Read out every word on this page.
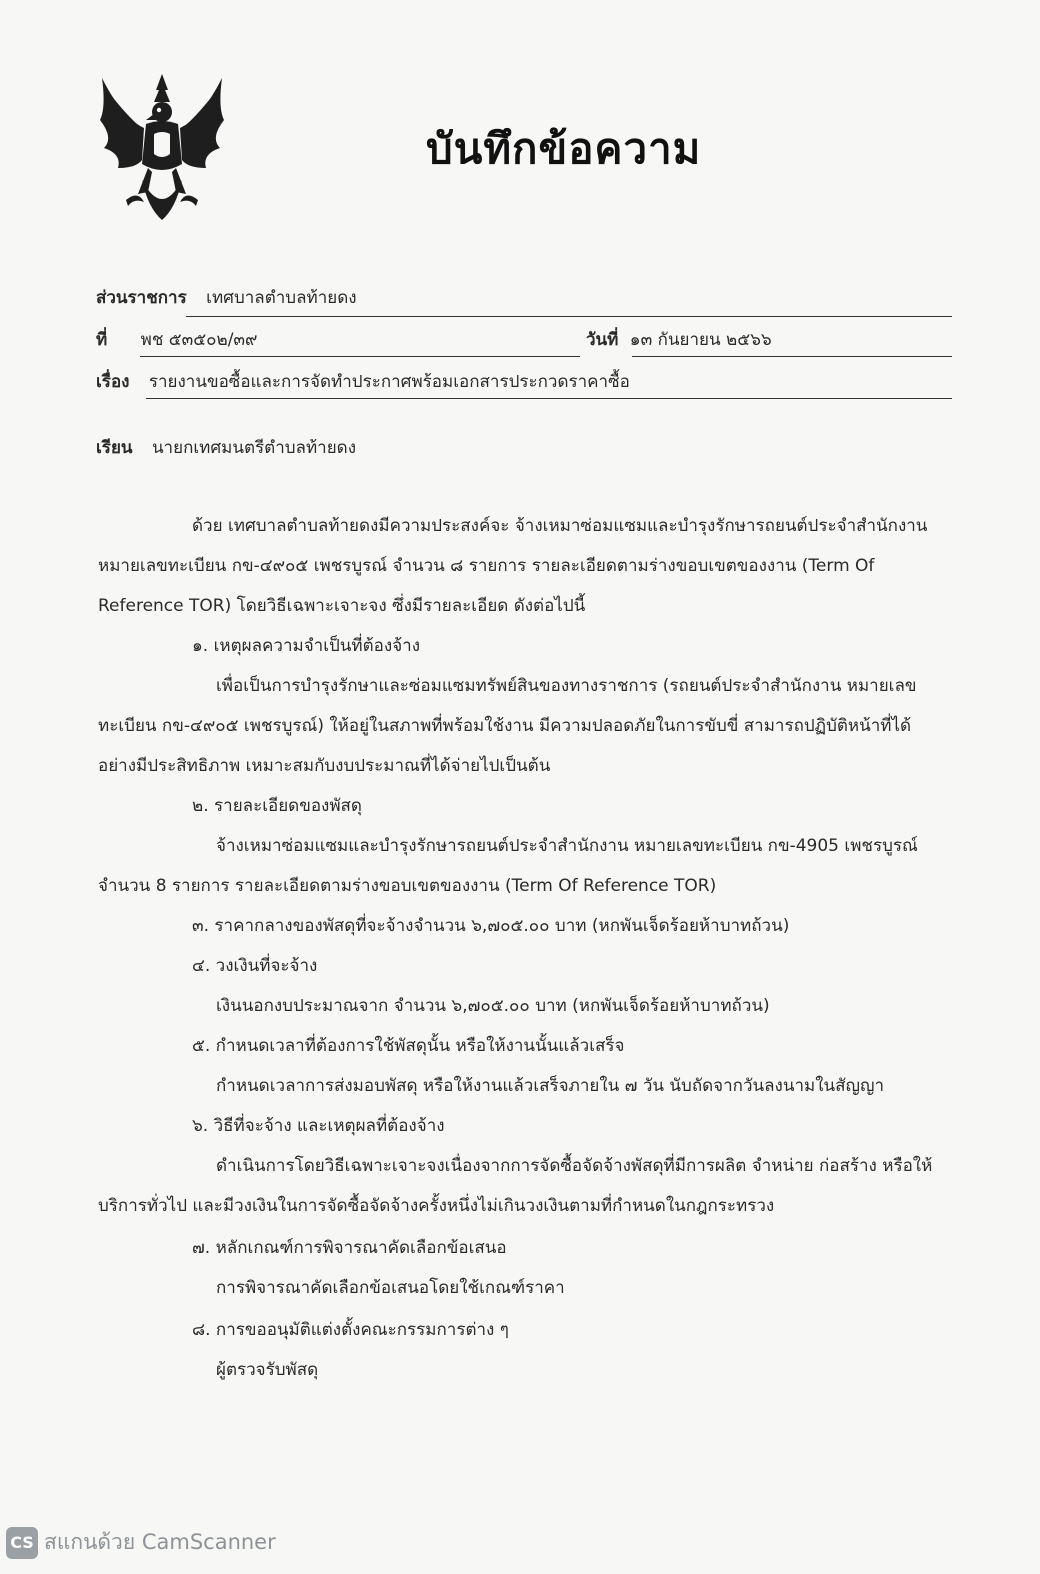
บันทึกข้อความ
ส่วนราชการ เทศบาลตำบลท้ายดง
ที่ พช ๕๓๕๐๒/๓๙	วันที่ ๑๓ กันยายน ๒๕๖๖
เรื่อง รายงานขอซื้อและการจัดทำประกาศพร้อมเอกสารประกวดราคาซื้อ
เรียน นายกเทศมนตรีตำบลท้ายดง
ด้วย เทศบาลตำบลท้ายดงมีความประสงค์จะ จ้างเหมาซ่อมแซมและบำรุงรักษารถยนต์ประจำสำนักงาน
หมายเลขทะเบียน กข-๔๙๐๕ เพชรบูรณ์ จำนวน ๘ รายการ รายละเอียดตามร่างขอบเขตของงาน (Term Of
Reference TOR) โดยวิธีเฉพาะเจาะจง ซึ่งมีรายละเอียด ดังต่อไปนี้
๑. เหตุผลความจำเป็นที่ต้องจ้าง
เพื่อเป็นการบำรุงรักษาและซ่อมแซมทรัพย์สินของทางราชการ (รถยนต์ประจำสำนักงาน หมายเลข
ทะเบียน กข-๔๙๐๕ เพชรบูรณ์) ให้อยู่ในสภาพที่พร้อมใช้งาน มีความปลอดภัยในการขับขี่ สามารถปฏิบัติหน้าที่ได้
อย่างมีประสิทธิภาพ เหมาะสมกับงบประมาณที่ได้จ่ายไปเป็นต้น
๒. รายละเอียดของพัสดุ
จ้างเหมาซ่อมแซมและบำรุงรักษารถยนต์ประจำสำนักงาน หมายเลขทะเบียน กข-4905 เพชรบูรณ์
จำนวน 8 รายการ รายละเอียดตามร่างขอบเขตของงาน (Term Of Reference TOR)
๓. ราคากลางของพัสดุที่จะจ้างจำนวน ๖,๗๐๕.๐๐ บาท (หกพันเจ็ดร้อยห้าบาทถ้วน)
๔. วงเงินที่จะจ้าง
เงินนอกงบประมาณจาก จำนวน ๖,๗๐๕.๐๐ บาท (หกพันเจ็ดร้อยห้าบาทถ้วน)
๕. กำหนดเวลาที่ต้องการใช้พัสดุนั้น หรือให้งานนั้นแล้วเสร็จ
กำหนดเวลาการส่งมอบพัสดุ หรือให้งานแล้วเสร็จภายใน ๗ วัน นับถัดจากวันลงนามในสัญญา
๖. วิธีที่จะจ้าง และเหตุผลที่ต้องจ้าง
ดำเนินการโดยวิธีเฉพาะเจาะจงเนื่องจากการจัดซื้อจัดจ้างพัสดุที่มีการผลิต จำหน่าย ก่อสร้าง หรือให้
บริการทั่วไป และมีวงเงินในการจัดซื้อจัดจ้างครั้งหนึ่งไม่เกินวงเงินตามที่กำหนดในกฎกระทรวง
๗. หลักเกณฑ์การพิจารณาคัดเลือกข้อเสนอ
การพิจารณาคัดเลือกข้อเสนอโดยใช้เกณฑ์ราคา
๘. การขออนุมัติแต่งตั้งคณะกรรมการต่าง ๆ
ผู้ตรวจรับพัสดุ
CS สแกนด้วย CamScanner
